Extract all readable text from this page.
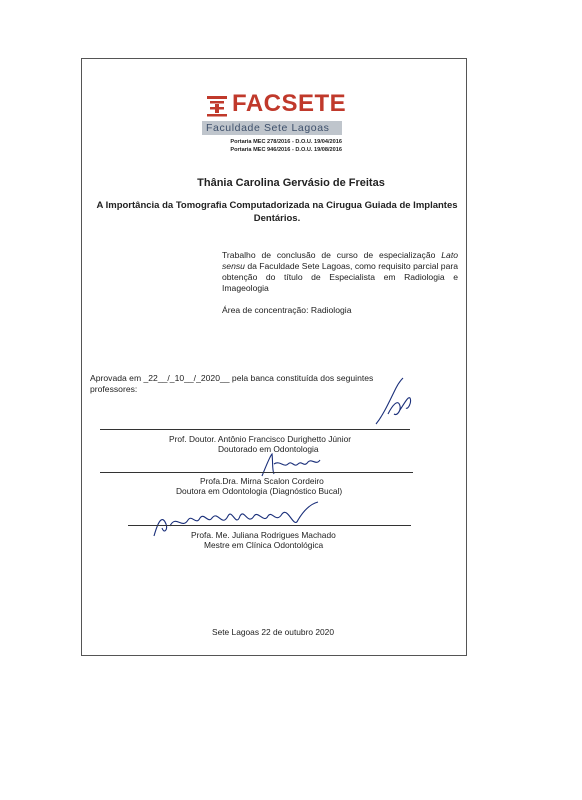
FACSETE
Faculdade Sete Lagoas
Portaria MEC 278/2016 - D.O.U. 19/04/2016
Portaria MEC 946/2016 - D.O.U. 19/08/2016
Thânia Carolina Gervásio de Freitas
A Importância da Tomografia Computadorizada na Cirugua Guiada de Implantes Dentários.
Trabalho de conclusão de curso de especialização Lato sensu da Faculdade Sete Lagoas, como requisito parcial para obtenção do título de Especialista em Radiologia e Imageologia
Área de concentração: Radiologia
Aprovada em _22__/_10__/_2020__ pela banca constituída dos seguintes professores:
Prof. Doutor. Antônio Francisco Durighetto Júnior
Doutorado em Odontologia
Profa.Dra. Mirna Scalon Cordeiro
Doutora em Odontologia (Diagnóstico Bucal)
Profa. Me. Juliana Rodrigues Machado
Mestre em Clínica Odontológica
Sete Lagoas 22 de outubro 2020
